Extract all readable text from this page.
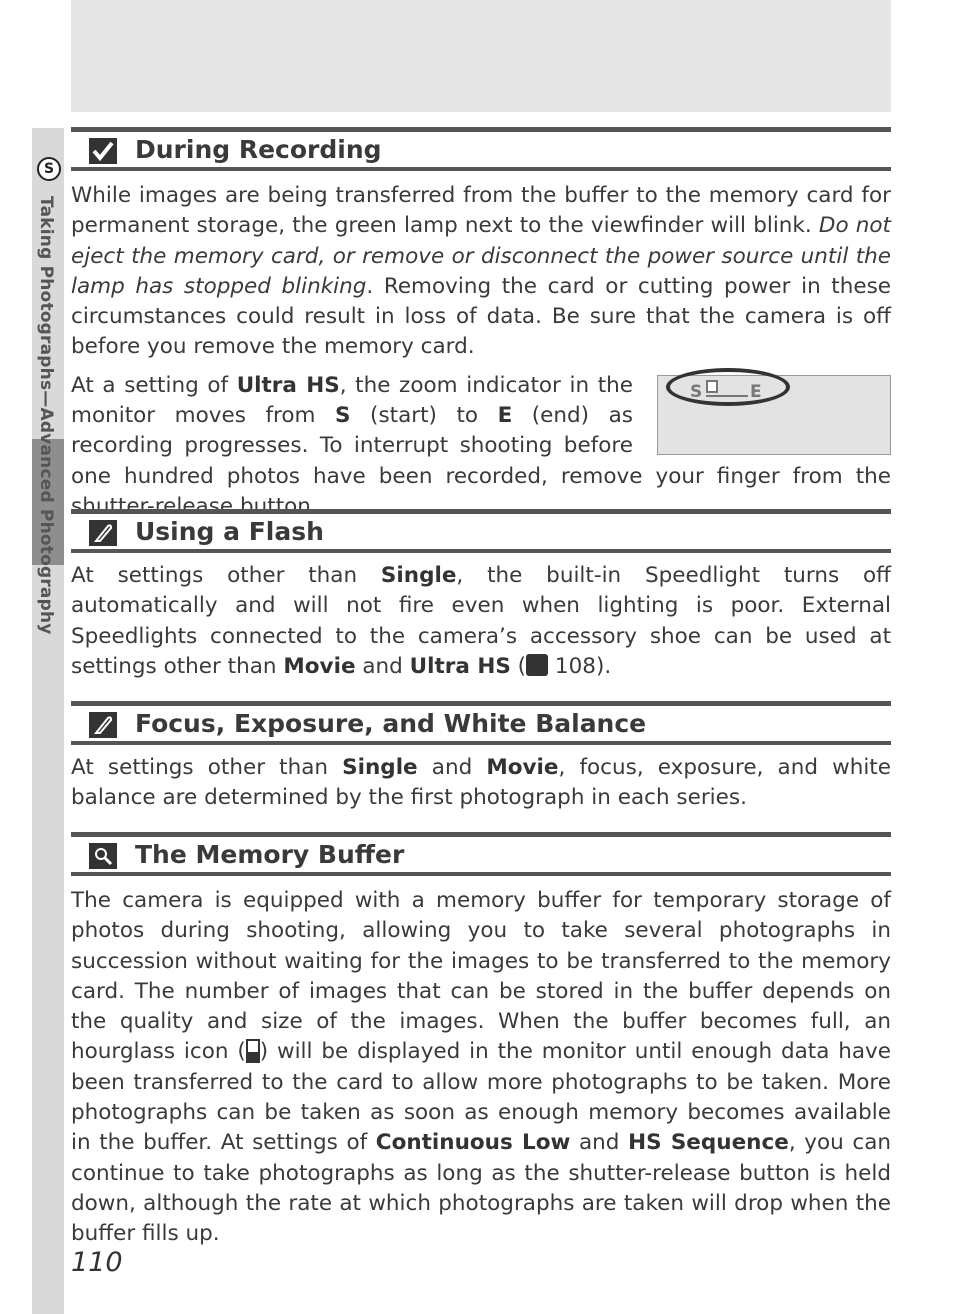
S
Taking Photographs—Advanced Photography
During Recording

While images are being transferred from the buffer to the memory card for permanent storage, the green lamp next to the viewfinder will blink. Do not eject the memory card, or remove or disconnect the power source until the lamp has stopped blinking. Removing the card or cutting power in these circumstances could result in loss of data. Be sure that the camera is off before you remove the memory card.

S	E
At a setting of Ultra HS, the zoom indicator in the monitor moves from S (start) to E (end) as recording progresses. To interrupt shooting before one hundred photos have been recorded, remove your finger from the shutter-release button.

Using a Flash

At settings other than Single, the built-in Speedlight turns off automatically and will not fire even when lighting is poor. External Speedlights connected to the camera’s accessory shoe can be used at settings other than Movie and Ultra HS ( 108).

Focus, Exposure, and White Balance

At settings other than Single and Movie, focus, exposure, and white balance are determined by the first photograph in each series.

The Memory Buffer

The camera is equipped with a memory buffer for temporary storage of photos during shooting, allowing you to take several photographs in succession without waiting for the images to be transferred to the memory card. The number of images that can be stored in the buffer depends on the quality and size of the images. When the buffer becomes full, an hourglass icon ( ) will be displayed in the monitor until enough data have been transferred to the card to allow more photographs to be taken. More photographs can be taken as soon as enough memory becomes available in the buffer. At settings of Continuous Low and HS Sequence, you can continue to take photographs as long as the shutter-release button is held down, although the rate at which photographs are taken will drop when the buffer fills up.

110
